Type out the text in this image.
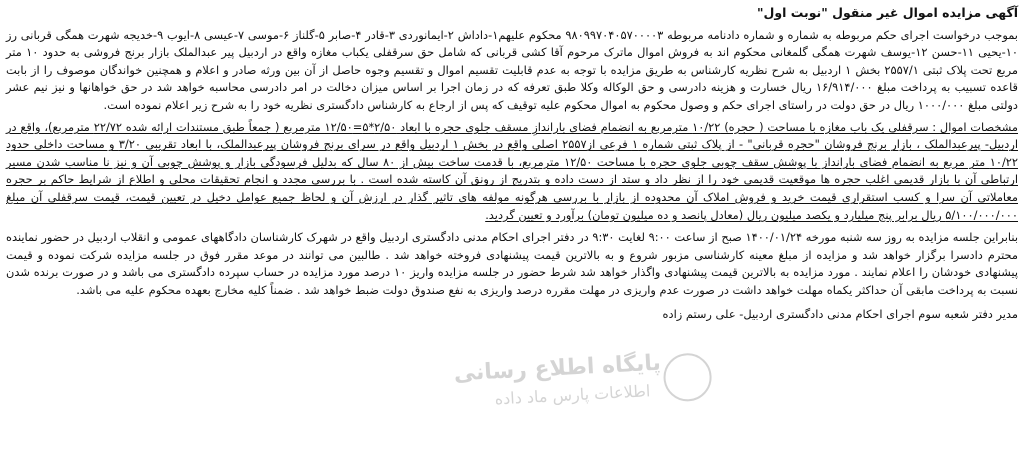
آگهی مزایده اموال غیر منقول "نوبت اول"
بموجب درخواست اجرای حکم مربوطه به شماره و شماره دادنامه مربوطه ۹۸۰۹۹۷۰۴۰۵۷۰۰۰۰۳ محکوم علیهم۱-داداش ۲-ایمانوردی ۳-قادر ۴-صابر ۵-گلناز ۶-موسی ۷-عیسی ۸-ایوب ۹-خدیجه شهرت همگی قربانی رز ۱۰-یحیی ۱۱-حسن ۱۲-یوسف شهرت همگی گلمغانی محکوم اند به فروش اموال ماترک مرحوم آقا کشی قربانی که شامل حق سرقفلی یکباب مغازه واقع در اردبیل پیر عبدالملک بازار برنج فروشی به حدود ۱۰ متر مربع تحت پلاک ثبتی ۲۵۵۷/۱ بخش ۱ اردبیل به شرح نظریه کارشناس به طریق مزایده با توجه به عدم قابلیت تقسیم اموال و تقسیم وجوه حاصل از آن بین ورثه صادر و اعلام و همچنین خواندگان موصوف را از بابت قاعده تسبیب به پرداخت مبلغ ۱۶/۹۱۴/۰۰۰ ریال خسارت و هزینه دادرسی و حق الوکاله وکلا طبق تعرفه که در زمان اجرا بر اساس میزان دخالت در امر دادرسی محاسبه خواهد شد در حق خواهانها و نیز نیم عشر دولتی مبلغ ۱۰۰۰/۰۰۰ ریال در حق دولت در راستای اجرای حکم و وصول محکوم به اموال محکوم علیه توقیف که پس از ارجاع به کارشناس دادگستری نظریه خود را به شرح زیر اعلام نموده است.
مشخصات اموال : سرقفلی یک باب مغازه با مساحت ( حجره) ۱۰/۲۲ مترمربع به انضمام فضای باراندازِ مسقف جلوی حجره با ابعاد ۲/۵۰*۵=۱۲/۵۰ مترمربع ( جمعاً طبق مستندات ارائه شده ۲۲/۷۲ مترمربع)، واقع در اردبیل- پیرعبدالملک ، بازار برنج فروشان "حجره قربانی" - از پلاک ثبتی شماره ۱ فرعی از۲۵۵۷ اصلی واقع در بخش ۱ اردبیل واقع در سرای برنج فروشان پیرعبدالملک، با ابعاد تقریبی ۳/۲۰ و مساحت داخلی حدود ۱۰/۲۲ متر مربع به انضمام فضای بارانداز با پوشش سقف چوبی جلوی حجره با مساحت ۱۲/۵۰ مترمربع، با قدمت ساخت بیش از ۸۰ سال که بدلیل فرسودگی بازار و پوشش چوبی آن و نیز نا مناسب شدن مسیر ارتباطی آن با بازار قدیمی اغلب حجره ها موقعیت قدیمی خود را از نظر داد و ستد از دست داده و بتدریج از رونق آن کاسته شده است . با بررسی مجدد و انجام تحقیقات محلی و اطلاع از شرایط حاکم بر حجره معاملاتی آن سرا و کسب استقراری قیمت خرید و فروش املاک آن محدوده از بازار با بررسی هرگونه مولفه های تاثیر گذار در ارزش آن و لحاظ جمیع عوامل دخیل در تعیین قیمت، قیمت سرقفلی آن مبلغ ۵/۱۰۰/۰۰۰/۰۰۰ ریال برابر پنج میلیارد و یکصد میلیون ریال (معادل پانصد و ده میلیون تومان) برآورد و تعیین گردید.
بنابراین جلسه مزایده به روز سه شنبه مورخه ۱۴۰۰/۰۱/۲۴ صبح از ساعت ۹:۰۰ لغایت ۹:۳۰ در دفتر اجرای احکام مدنی دادگستری اردبیل واقع در شهرک کارشناسان دادگاههای عمومی و انقلاب اردبیل در حضور نماینده محترم دادسرا برگزار خواهد شد و مزایده از مبلغ معینه کارشناسی مزبور شروع و به بالاترین قیمت پیشنهادی فروخته خواهد شد . طالبین می توانند در موعد مقرر فوق در جلسه مزایده شرکت نموده و قیمت پیشنهادی خودشان را اعلام نمایند . مورد مزایده به بالاترین قیمت پیشنهادی واگذار خواهد شد شرط حضور در جلسه مزایده واریز ۱۰ درصد مورد مزایده در حساب سپرده دادگستری می باشد و در صورت برنده شدن نسبت به پرداخت مابقی آن حداکثر یکماه مهلت خواهد داشت در صورت عدم واریزی در مهلت مقرره درصد واریزی به نفع صندوق دولت ضبط خواهد شد . ضمناً کلیه مخارج بعهده محکوم علیه می باشد.
مدیر دفتر شعبه سوم اجرای احکام مدنی دادگستری اردبیل- علی رستم زاده
پایگاه اطلاع رسانی
اطلاعات پارس ماد داده
